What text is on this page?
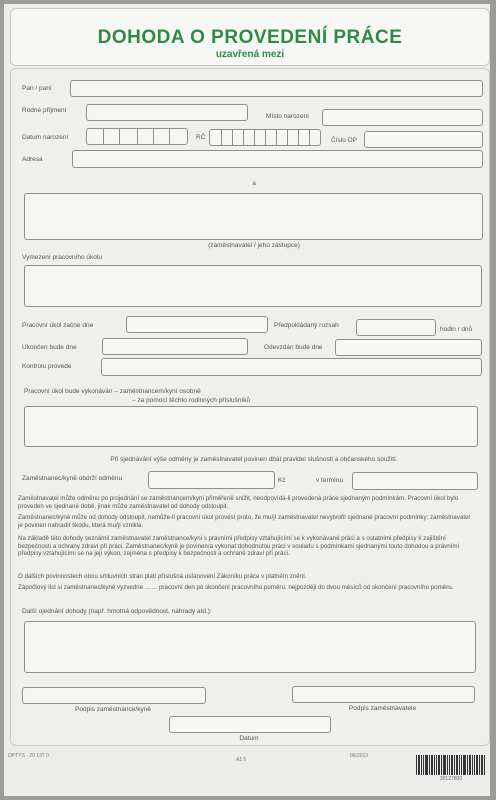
DOHODA O PROVEDENÍ PRÁCE
uzavřená mezi
Pan / paní
Rodné příjmení
Místo narození
Datum narození	RČ	Číslo OP
Adresa
a
(zaměstnavatel / jeho zástupce)
Vymezení pracovního úkolu
Pracovní úkol začne dne	Předpokládaný rozsah
hodin / dnů
Ukončen bude dne	Odevzdán bude dne
Kontrolu provede
Pracovní úkol bude vykonáván – zaměstnancem/kyní osobně
– za pomocí těchto rodinných příslušníků
Při sjednávání výše odměny je zaměstnavatel povinen dbát pravidel slušnosti a občanského soužití.
Zaměstnanec/kyně obdrží odměnu	Kč	v termínu
Zaměstnavatel může odměnu po projednání se zaměstnancem/kyní přiměřeně snížit, neodpovídá-li provedená práce sjednaným podmínkám. Pracovní úkol bylo proveden ve sjednané době, jinak může zaměstnavatel od dohody odstoupit.
Zaměstnanec/kyně může od dohody odstoupit, nemůže-li pracovní úkol provést proto, že mu/jí zaměstnavatel nevytvořil sjednané pracovní podmínky; zaměstnavatel je povinen nahradit škodu, která mu/jí vznikla.
Na základě této dohody seznámil zaměstnavatel zaměstnance/kyni s právními předpisy vztahujícími se k vykonávané práci a s ostatními předpisy k zajištění bezpečnosti a ochrany zdraví při práci. Zaměstnanec/kyně je povinen/a vykonat dohodnutou práci v souladu s podmínkami sjednanými touto dohodou a právními předpisy vztahujícími se na její výkon, zejména s předpisy k bezpečnosti a ochraně zdraví při práci.
O dalších povinnostech obou smluvních stran platí příslušná ustanovení Zákoníku práce v platném znění.
Zápočtový list si zaměstnanec/kyně vyzvedne …… pracovní den po skončení pracovního poměru; nejpozději do dvou měsíců od skončení pracovního poměru.
Další ujednání dohody (např. hmotná odpovědnost, náhrady atd.):
Podpis zaměstnance/kyně	Podpis zaměstnavatele
Datum
OPTYS · 20 137 0
A1 5
06/2013
30127800
